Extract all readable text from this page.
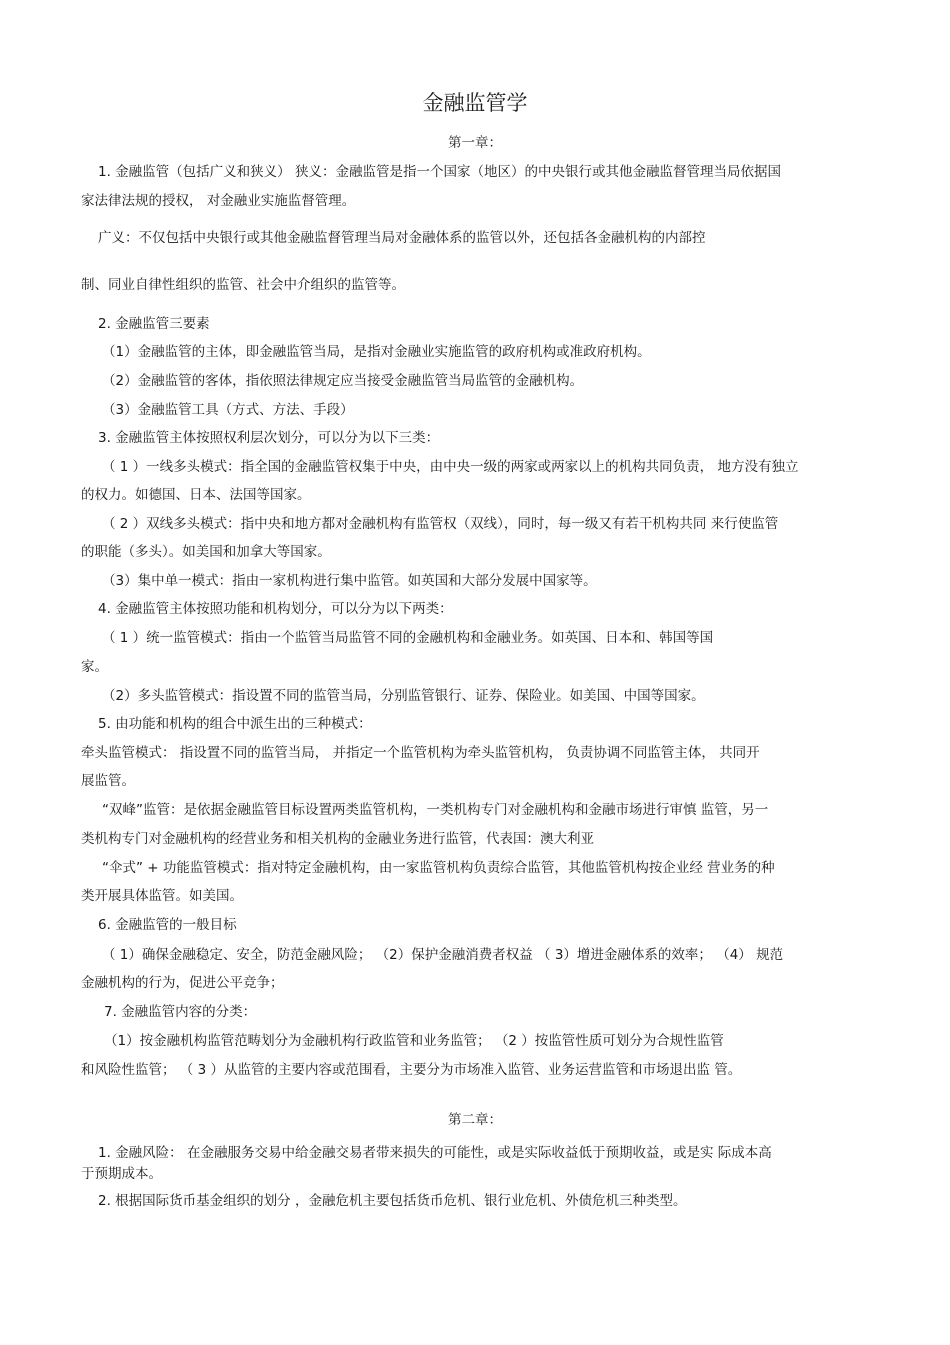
金融监管学
第一章：
1. 金融监管（包括广义和狭义） 狭义：金融监管是指一个国家（地区）的中央银行或其他金融监督管理当局依据国
家法律法规的授权， 对金融业实施监督管理。
广义：不仅包括中央银行或其他金融监督管理当局对金融体系的监管以外，还包括各金融机构的内部控
制、同业自律性组织的监管、社会中介组织的监管等。
2. 金融监管三要素
（1）金融监管的主体，即金融监管当局，是指对金融业实施监管的政府机构或准政府机构。
（2）金融监管的客体，指依照法律规定应当接受金融监管当局监管的金融机构。
（3）金融监管工具（方式、方法、手段）
3. 金融监管主体按照权利层次划分，可以分为以下三类：
（ 1 ）一线多头模式：指全国的金融监管权集于中央，由中央一级的两家或两家以上的机构共同负责， 地方没有独立
的权力。如德国、日本、法国等国家。
（ 2 ）双线多头模式：指中央和地方都对金融机构有监管权（双线），同时，每一级又有若干机构共同 来行使监管
的职能（多头）。如美国和加拿大等国家。
（3）集中单一模式：指由一家机构进行集中监管。如英国和大部分发展中国家等。
4. 金融监管主体按照功能和机构划分，可以分为以下两类：
（ 1 ）统一监管模式：指由一个监管当局监管不同的金融机构和金融业务。如英国、日本和、韩国等国
家。
（2）多头监管模式：指设置不同的监管当局，分别监管银行、证券、保险业。如美国、中国等国家。
5. 由功能和机构的组合中派生出的三种模式：
牵头监管模式： 指设置不同的监管当局， 并指定一个监管机构为牵头监管机构， 负责协调不同监管主体， 共同开
展监管。
“双峰”监管：是依据金融监管目标设置两类监管机构，一类机构专门对金融机构和金融市场进行审慎 监管，另一
类机构专门对金融机构的经营业务和相关机构的金融业务进行监管，代表国：澳大利亚
“伞式” + 功能监管模式：指对特定金融机构，由一家监管机构负责综合监管，其他监管机构按企业经 营业务的种
类开展具体监管。如美国。
6. 金融监管的一般目标
（ 1）确保金融稳定、安全，防范金融风险； （2）保护金融消费者权益 （ 3）增进金融体系的效率； （4） 规范
金融机构的行为，促进公平竞争；
7. 金融监管内容的分类：
（1）按金融机构监管范畴划分为金融机构行政监管和业务监管； （2 ）按监管性质可划分为合规性监管
和风险性监管； （ 3 ）从监管的主要内容或范围看，主要分为市场准入监管、业务运营监管和市场退出监 管。
第二章：
1. 金融风险： 在金融服务交易中给金融交易者带来损失的可能性，或是实际收益低于预期收益，或是实 际成本高
于预期成本。
2. 根据国际货币基金组织的划分 ，金融危机主要包括货币危机、银行业危机、外债危机三种类型。
